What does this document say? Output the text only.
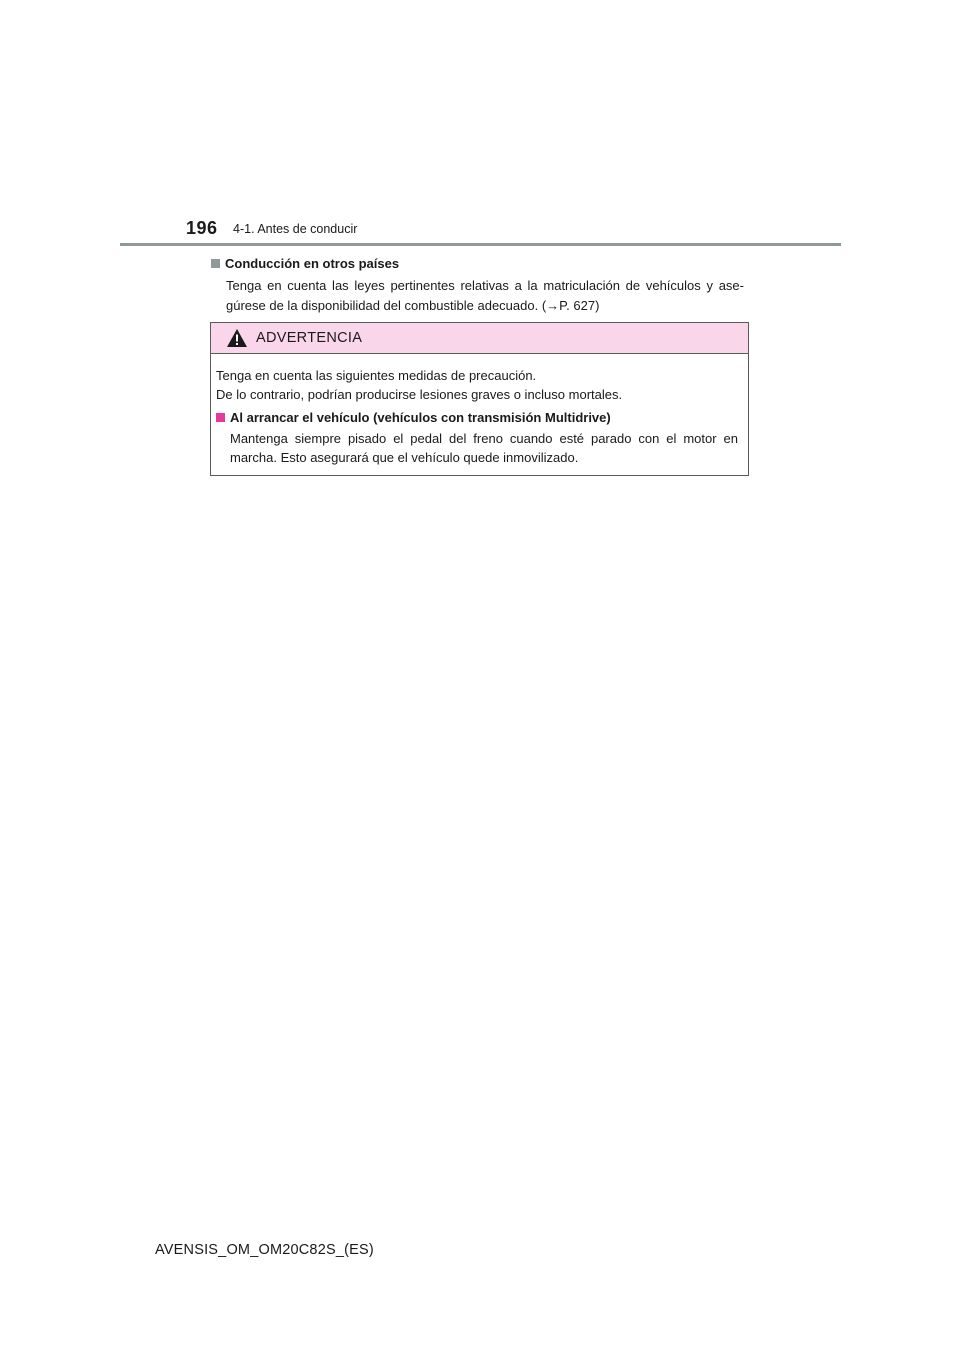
196 4-1. Antes de conducir
Conducción en otros países
Tenga en cuenta las leyes pertinentes relativas a la matriculación de vehículos y ase-gúrese de la disponibilidad del combustible adecuado. (→P. 627)
ADVERTENCIA
Tenga en cuenta las siguientes medidas de precaución.
De lo contrario, podrían producirse lesiones graves o incluso mortales.
Al arrancar el vehículo (vehículos con transmisión Multidrive)
Mantenga siempre pisado el pedal del freno cuando esté parado con el motor en marcha. Esto asegurará que el vehículo quede inmovilizado.
AVENSIS_OM_OM20C82S_(ES)
